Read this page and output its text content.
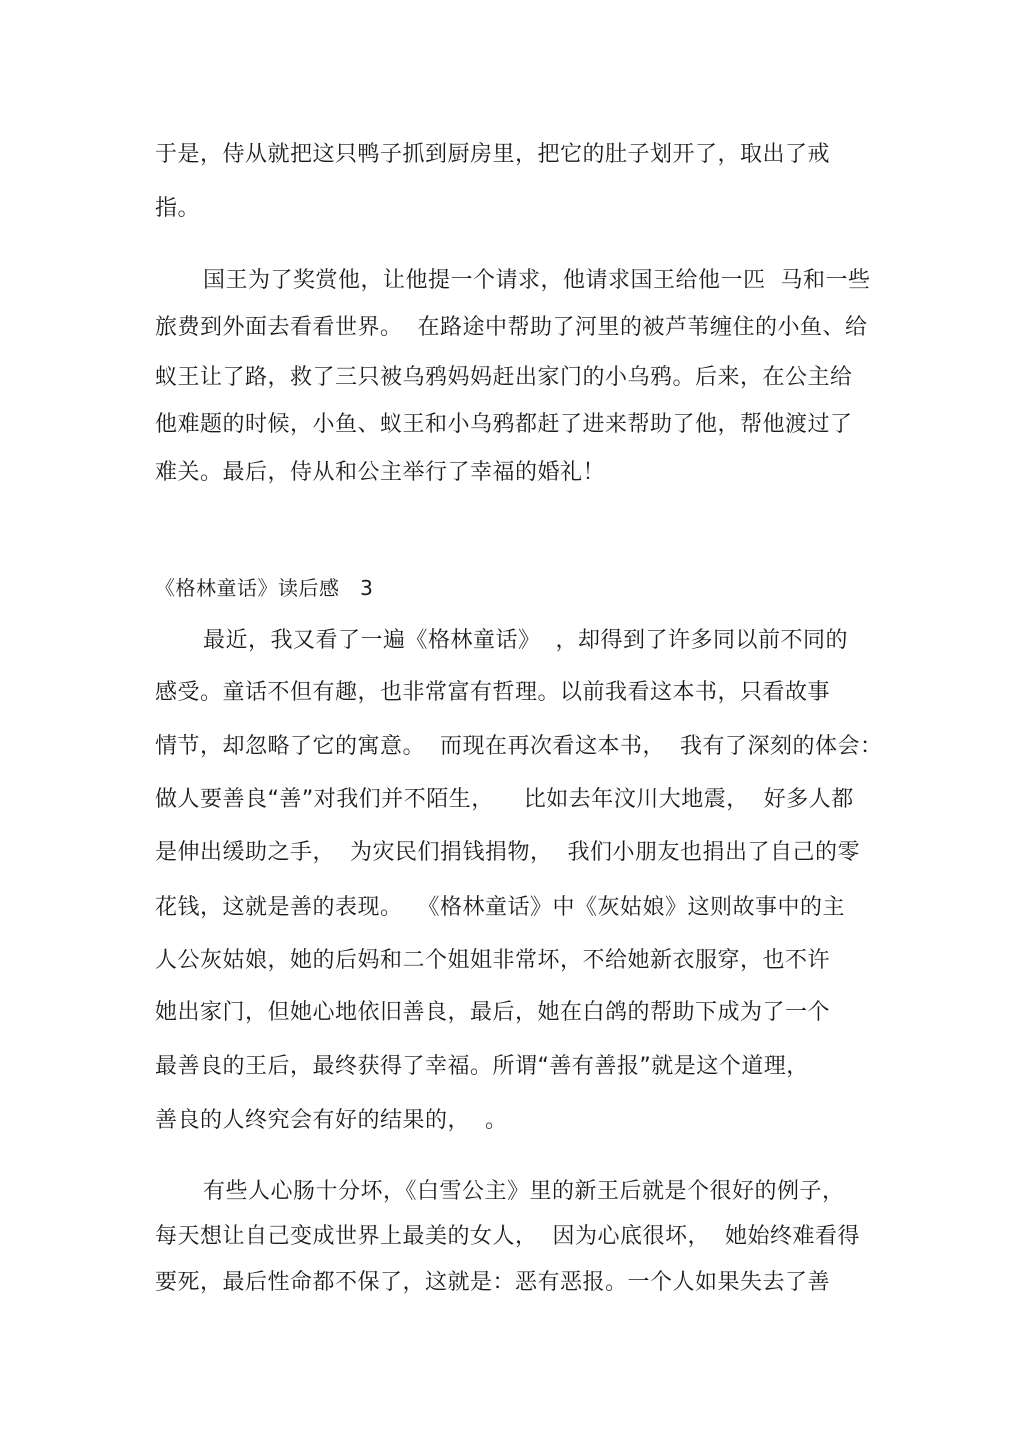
于是，侍从就把这只鸭子抓到厨房里，把它的肚子划开了，取出了戒
指。
国王为了奖赏他，让他提一个请求，他请求国王给他一匹  马和一些
旅费到外面去看看世界。  在路途中帮助了河里的被芦苇缠住的小鱼、给
蚁王让了路，救了三只被乌鸦妈妈赶出家门的小乌鸦。后来，在公主给
他难题的时候，小鱼、蚁王和小乌鸦都赶了进来帮助了他，帮他渡过了
难关。最后，侍从和公主举行了幸福的婚礼！
《格林童话》读后感   3
最近，我又看了一遍《格林童话》  ，却得到了许多同以前不同的
感受。童话不但有趣，也非常富有哲理。以前我看这本书，只看故事
情节，却忽略了它的寓意。  而现在再次看这本书，  我有了深刻的体会：
做人要善良“善”对我们并不陌生，    比如去年汶川大地震，  好多人都
是伸出缓助之手，  为灾民们捐钱捐物，  我们小朋友也捐出了自己的零
花钱，这就是善的表现。  《格林童话》中《灰姑娘》这则故事中的主
人公灰姑娘，她的后妈和二个姐姐非常坏，不给她新衣服穿，也不许
她出家门，但她心地依旧善良，最后，她在白鸽的帮助下成为了一个
最善良的王后，最终获得了幸福。所谓“善有善报”就是这个道理，
善良的人终究会有好的结果的，  。
有些人心肠十分坏，《白雪公主》里的新王后就是个很好的例子，
每天想让自己变成世界上最美的女人，  因为心底很坏，  她始终难看得
要死，最后性命都不保了，这就是：恶有恶报。一个人如果失去了善
